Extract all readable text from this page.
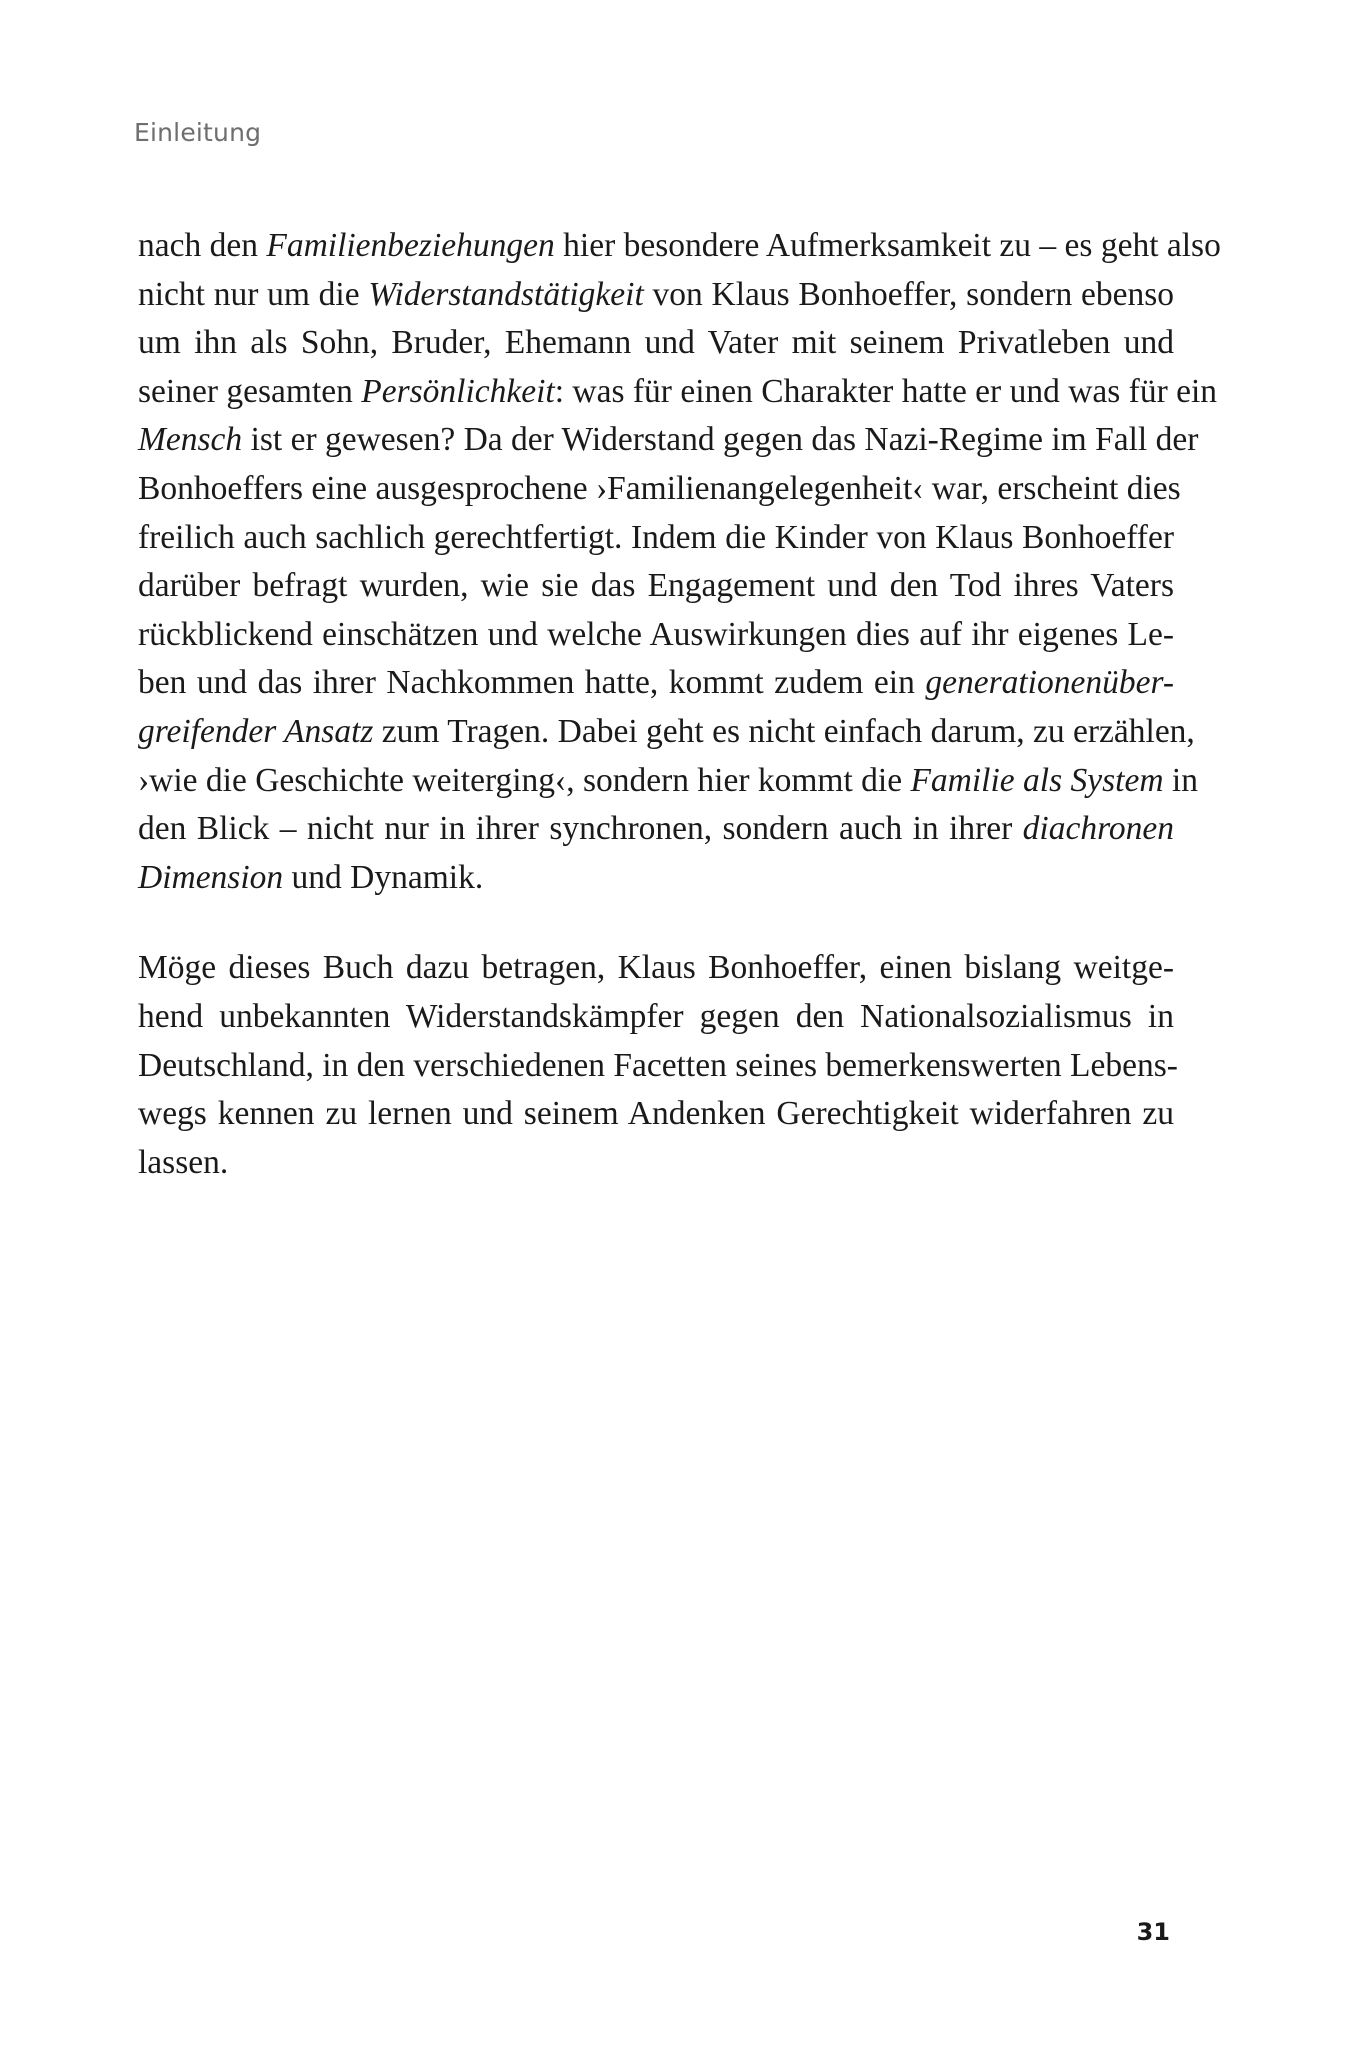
Einleitung
nach den Familienbeziehungen hier besondere Aufmerksamkeit zu – es geht also
nicht nur um die Widerstandstätigkeit von Klaus Bonhoeffer, sondern ebenso
um ihn als Sohn, Bruder, Ehemann und Vater mit seinem Privatleben und
seiner gesamten Persönlichkeit: was für einen Charakter hatte er und was für ein
Mensch ist er gewesen? Da der Widerstand gegen das Nazi-Regime im Fall der
Bonhoeffers eine ausgesprochene ›Familienangelegenheit‹ war, erscheint dies
freilich auch sachlich gerechtfertigt. Indem die Kinder von Klaus Bonhoeffer
darüber befragt wurden, wie sie das Engagement und den Tod ihres Vaters
rückblickend einschätzen und welche Auswirkungen dies auf ihr eigenes Le-
ben und das ihrer Nachkommen hatte, kommt zudem ein generationenüber-
greifender Ansatz zum Tragen. Dabei geht es nicht einfach darum, zu erzählen,
›wie die Geschichte weiterging‹, sondern hier kommt die Familie als System in
den Blick – nicht nur in ihrer synchronen, sondern auch in ihrer diachronen
Dimension und Dynamik.
Möge dieses Buch dazu betragen, Klaus Bonhoeffer, einen bislang weitge-
hend unbekannten Widerstandskämpfer gegen den Nationalsozialismus in
Deutschland, in den verschiedenen Facetten seines bemerkenswerten Lebens-
wegs kennen zu lernen und seinem Andenken Gerechtigkeit widerfahren zu
lassen.
31
